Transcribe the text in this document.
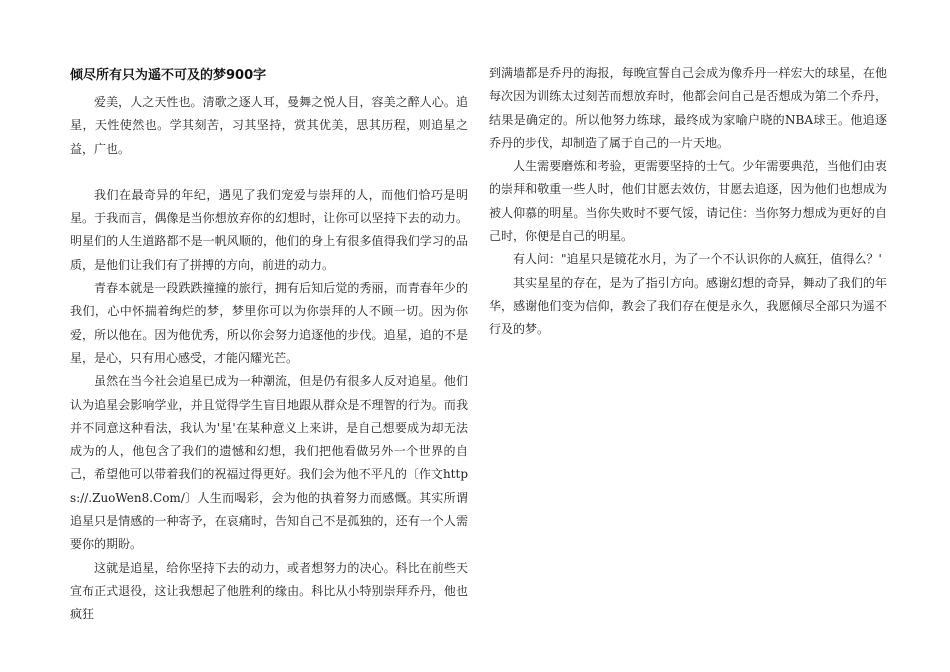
倾尽所有只为遥不可及的梦900字

爱美，人之天性也。清歌之逐人耳，曼舞之悦人目，容美之醉人心。追星，天性使然也。学其刻苦，习其坚持，赏其优美，思其历程，则追星之益，广也。

我们在最奇异的年纪，遇见了我们宠爱与崇拜的人，而他们恰巧是明星。于我而言，偶像是当你想放弃你的幻想时，让你可以坚持下去的动力。明星们的人生道路都不是一帆风顺的，他们的身上有很多值得我们学习的品质，是他们让我们有了拼搏的方向，前进的动力。

青春本就是一段跌跌撞撞的旅行，拥有后知后觉的秀丽，而青春年少的我们，心中怀揣着绚烂的梦，梦里你可以为你崇拜的人不顾一切。因为你爱，所以他在。因为他优秀，所以你会努力追逐他的步伐。追星，追的不是星，是心，只有用心感受，才能闪耀光芒。

虽然在当今社会追星已成为一种潮流，但是仍有很多人反对追星。他们认为追星会影响学业，并且觉得学生盲目地跟从群众是不理智的行为。而我并不同意这种看法，我认为'星'在某种意义上来讲，是自己想要成为却无法成为的人，他包含了我们的遗憾和幻想，我们把他看做另外一个世界的自己，希望他可以带着我们的祝福过得更好。我们会为他不平凡的〔作文https://.ZuoWen8.Com/〕人生而喝彩，会为他的执着努力而感慨。其实所谓追星只是情感的一种寄予，在哀痛时，告知自己不是孤独的，还有一个人需要你的期盼。

这就是追星，给你坚持下去的动力，或者想努力的决心。科比在前些天宣布正式退役，这让我想起了他胜利的缘由。科比从小特别崇拜乔丹，他也疯狂

到满墙都是乔丹的海报，每晚宣誓自己会成为像乔丹一样宏大的球星，在他每次因为训练太过刻苦而想放弃时，他都会问自己是否想成为第二个乔丹，结果是确定的。所以他努力练球，最终成为家喻户晓的NBA球王。他追逐乔丹的步伐，却制造了属于自己的一片天地。

人生需要磨炼和考验，更需要坚持的士气。少年需要典范，当他们由衷的崇拜和敬重一些人时，他们甘愿去效仿，甘愿去追逐，因为他们也想成为被人仰慕的明星。当你失败时不要气馁，请记住：当你努力想成为更好的自己时，你便是自己的明星。

有人问："追星只是镜花水月，为了一个不认识你的人疯狂，值得么？'

其实星星的存在，是为了指引方向。感谢幻想的奇异，舞动了我们的年华，感谢他们变为信仰，教会了我们存在便是永久，我愿倾尽全部只为遥不行及的梦。
